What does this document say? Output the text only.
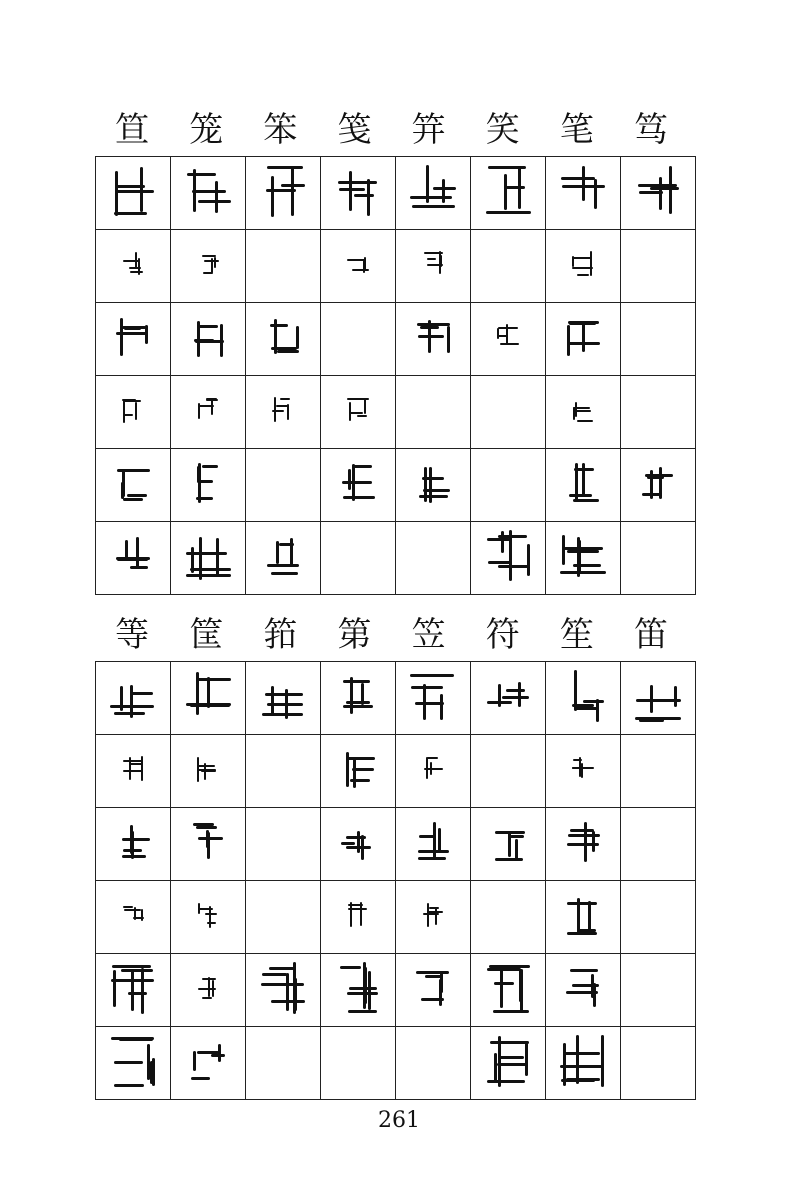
笪	笼	笨	笺	笄	笑	笔	笃

等	筐	筘	第	笠	符	笙	笛

261
